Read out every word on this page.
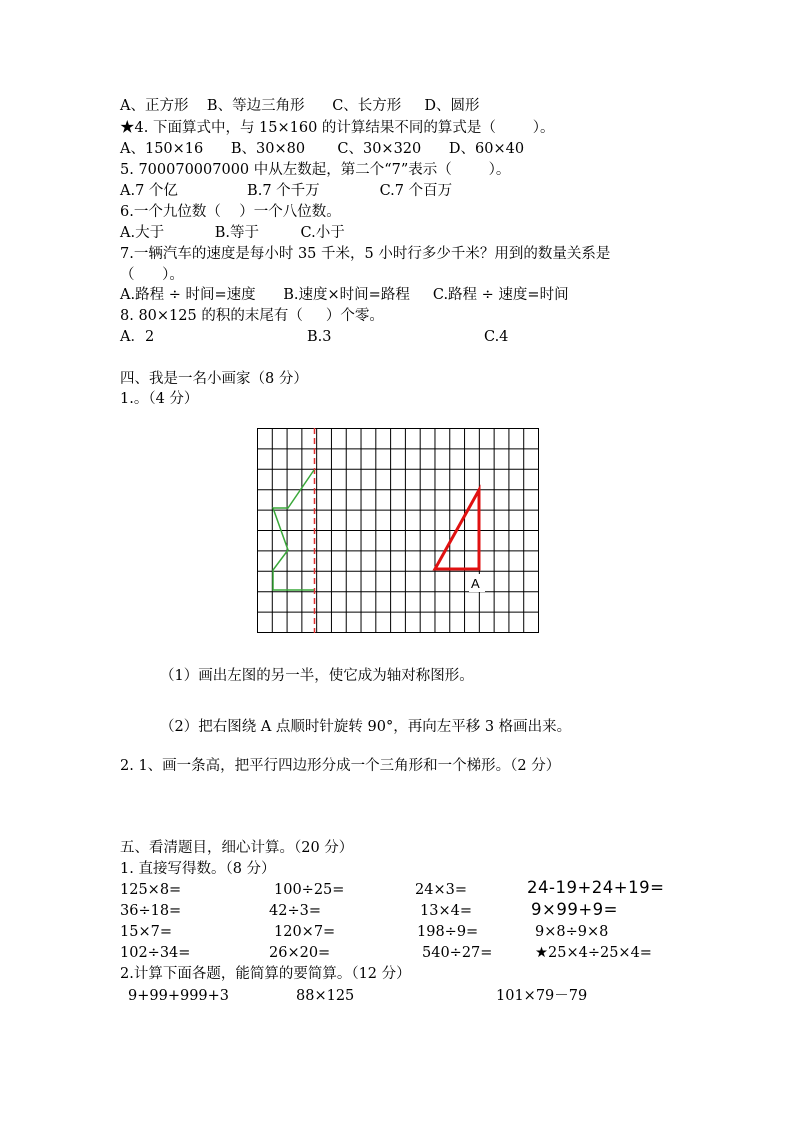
A、正方形    B、等边三角形      C、长方形     D、圆形
★4. 下面算式中，与 15×160 的计算结果不同的算式是（        ）。
A、150×16      B、30×80       C、30×320      D、60×40
5. 700070007000 中从左数起，第二个“7”表示（        ）。
A.7 个亿               B.7 个千万             C.7 个百万
6.一个九位数（    ）一个八位数。
A.大于           B.等于         C.小于
7.一辆汽车的速度是每小时 35 千米，5 小时行多少千米？用到的数量关系是
（      ）。
A.路程 ÷ 时间=速度      B.速度×时间=路程     C.路程 ÷ 速度=时间
8. 80×125 的积的末尾有（     ）个零。
A．2	B.3	C.4
四、我是一名小画家（8 分）
1.。（4 分）
A
（1）画出左图的另一半，使它成为轴对称图形。
（2）把右图绕 A 点顺时针旋转 90°，再向左平移 3 格画出来。
2. 1、画一条高，把平行四边形分成一个三角形和一个梯形。（2 分）
五、看清题目，细心计算。（20 分）
1. 直接写得数。（8 分）
125×8=	100÷25=	24×3=	24-19+24+19=
36÷18=	42÷3=	13×4=	9×99+9=
15×7=	120×7=	198÷9=	9×8÷9×8
102÷34=	26×20=	540÷27=	★25×4÷25×4=
2.计算下面各题，能简算的要简算。（12 分）
9+99+999+3	88×125	101×79－79
